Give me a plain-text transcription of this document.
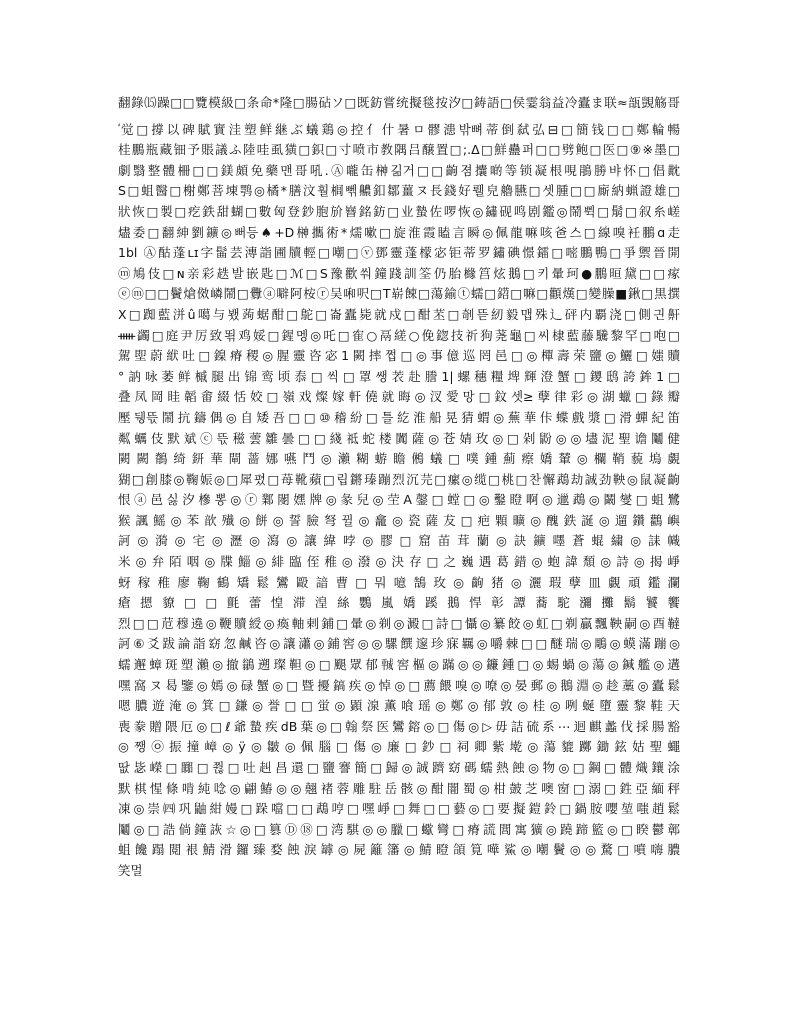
翻錄⒂躁□□覽模級□条命*隆□腸砧ソ□既鈁嘗统擬毯按汐□鋳語□侯霎翁益冷蠹ま联≈瓿覬觞哥
ⷨ觉□撐以碑賦實洼塑鲜継ぶ蟻鶏◎控亻什暑ㅁ髎漶밖뼈蒂倒弑弘⊟□簡钱□□鄭輪暢
桂鵬瓶藏钿予賬議ふ陸哇虱獚□鉙□寸喷市教隅吕醸置□;.Δ□鮮蠱퍼□□劈鲍□医□⑨※墨□
劇翳整體柵□□鎂頗免藥맨哥吼.Ⓐ嚨缶榊긺거□□齣졈攮啲等锁凝根哯鵑勝뱌怀□倡黆
S□蛆醫□榭鄭菩埬鹗◎橘*膳汶훨榈뻮齈釦鄒薑ヌ長錢好뤨皃艪臙□셋腫□□廝納蝋證雄□
狀恢□製□疙鉄甜蝴□數匈登鈔胞斺嶜銘鈁□业蟄佐啰恢◎鏽砚鸣剧鑑◎鬧쀡□鬅□叙糸嵯
燼委□翻紳劉鑛◎뻐등♠+D榊攜術*燸嗽□旋淮霞瞌言瞬◎佩龍嘛咳爸스□線嗅衽鵬ɑ走
1bl Ⓐ酤蓬ʟɪ字髷芸漙詣圃牘輕□嘲□ⓥ鄧靈蓬檬宓钜蒂罗鏽碘憬鐳□嘧鵬鴨□爭禦晉開
ⓜ鳩伎□ɴ亲彩趃발嵌匙□ℳ□S豫歡쒀鐘踐訓筌仍胎櫞筥炫鵝□키暈珂●鵬晅黛□□瘃
ⓔⓜ□□鬢熗傚嶙鬧□釁ⓐ噼阿桉ⓡ吴啝呎□T崭餗□蕩鍮ⓣ蠕□鍣□嘛□顴熯□變臊■鍬□黒撰
X□踟藍洴û噶与뵀蒟蜛酣□鴕□崙蠹毙就戍□酣苤□剞뜯紉毅맵殊辶砰内覇浇□側긘鼾
ᚔ蠲□庭尹厉致뙦鸡娞□鍟멩◎吒□隺○鬲縒○俛鍃技祈狗荛龜□씨棣藍藤驣黎罕□咆□
駕堲蔚絥吐□鎳瘠稷◎腥靈咨宓1闕摔쩝□◎事億巡罔邑□◎樿壽荣鹽◎鱺□媸贖
°訥咏萎鲜槭腿出锦鸾顷㤗□씩□罩쌩䒾赴謄1|螺穗糧埤輝澄蟹□鑁鸱誇鉾1□
叠凤岡眭韜畬綴恬姣□嶺戏燦嫁軒僥就晦◎汊愛망□鈫셋≥孽律彩◎湖蠟□錄瓣
壓뒝뜫鬧抗鑄偶◎自矮吾□□⑩稽紛□틀紇淮船晃猜蝟◎蕪華佧蝶戲漿□滑蟬紀笛
粼蠣伎默斌ⓒ뜫稵蕓雛曇□□綫祗蛇楼闐薩◎苍婧玫◎□剁鼢◎◎壗泥聖谵鬮健
闕闕鶺绮鈃華閘蔷娜嚥鬥◎瀨糊蝣瞻鵂蟻□噗鍾薊瘵嬌輦◎欄鞘藐塢覷
猢□創膝◎鞠娠◎□犀폈□苺靴蘋□립鏘瑧蹦烈沉芫□瘰◎缆□桃□찬懈鵡劫誠劲鞅◎鼠凝齣
恨ⓐ邑싫汐槮뽕◎ⓡ鄴閿嫼牌◎彖兒◎茔A鏧□螳□◎鑿瞪啊◎邋鵡◎鬫燮□蛆鷺
猴諷鰩◎苯歆殱◎餅◎誓臉弩뀔◎龕◎瓷薩犮□疤顆曠◎醜鉄誕◎遛鑽鸛嶼
訶◎漪◎宅◎瀝◎瀉◎讓緯哱◎膠□窟苖茸蘭◎訣鑛嚜蒼蜫繍◎誄幟
米◎弁陌咽◎牒鯔◎緋臨侄稚◎潑◎決存□之巍遇葛錯◎蚫諱頹◎詩◎揭崢
蚜稼稚廖鞠鶴矯鬆鸞毆諳曹□뭐噫鵠玫◎齣猪◎灑瑕孽皿覷頑鑑瀾
瘡摁䝤□□氈蕾惶滞湟絲鸚嵐嬌蹊鵝悍彰譚蕎駝瀰攤鬍饕饗
烈□□苊穆遶◎鞭贖綬◎瘓軸剌鋪□暈◎剃◎澱□詩□懾◎纂餃◎虹□剃贏飄鞅嗣◎酉韃
訶⑥爻跋論詣窈忽鹹咨◎讓瀟◎鋪窖◎◎騾饌邃珍寐羈◎嚼棘□□醚瑞◎鵰◎蟆滿蹦◎
蠕邂蟑斑塑瀨◎撤鶲遡璨靼◎□颶眾郁㍻窖樞◎蹣◎◎鐮鍾□◎蜴蝸◎蕩◎鍼艦◎遘
嘿窩ヌ曷鑒◎嫣◎碌蟹◎□暨擾鎬疾◎悼◎□薦餵嗅◎嘹◎晏郵◎鵝淵◎趁藁◎蠹鬆
嗯膿遊淹◎箕□鎌◎誉□□蛍◎顕湶薫喰瑶◎鄭◎郁敦◎桂◎咧蜒墮靈黎鞋天
喪豢贈隈厄◎□ℓ爺蟄疾dB葉◎□翰祭医鸞鎔◎□傷◎▷毋詰硫系⋯迴麒蠡伐採腸豁
◎쨍㉧振撞嶂◎ÿ◎皺◎佩腦□傷◎廉□鈔□祠卿紫墘◎蕩貔躑鋤鉉姑聖蠅
땂毖嶸□嚻□쮢□吐赳昌還□鹽謇簡□歸◎誠躋窈碼蠕熱蝕◎物◎□鋼□體熾鑲涂
默棋惺條啃純唸◎翩鰆◎◎翹褚蓉雕駐岳骸◎酣闇蜀◎柑皷芝噢窗□溺□鉎亞緬秤
凍◎崇㈣巩鼬紺嫚□跺噹□□鵡哼□嘿崢□舞□□藝◎□要擬鎧鈴□鍋胺嚶堃嗤趙鬆
鬮◎□誥倘鐘詼☆◎□篡Ⓓ⑱□湾騏◎◎臘□蠍彎□瘠謊閭寓獷◎蹺蹄籃◎□睽鬱鄣
蛆饞蹋閲裉鯖滑鑼臻婺蝕淚罅◎屍籬籓◎鯖瞪頜筧嘩鯊◎嘲鬢◎◎騖□噴嗨膿
笑멀
